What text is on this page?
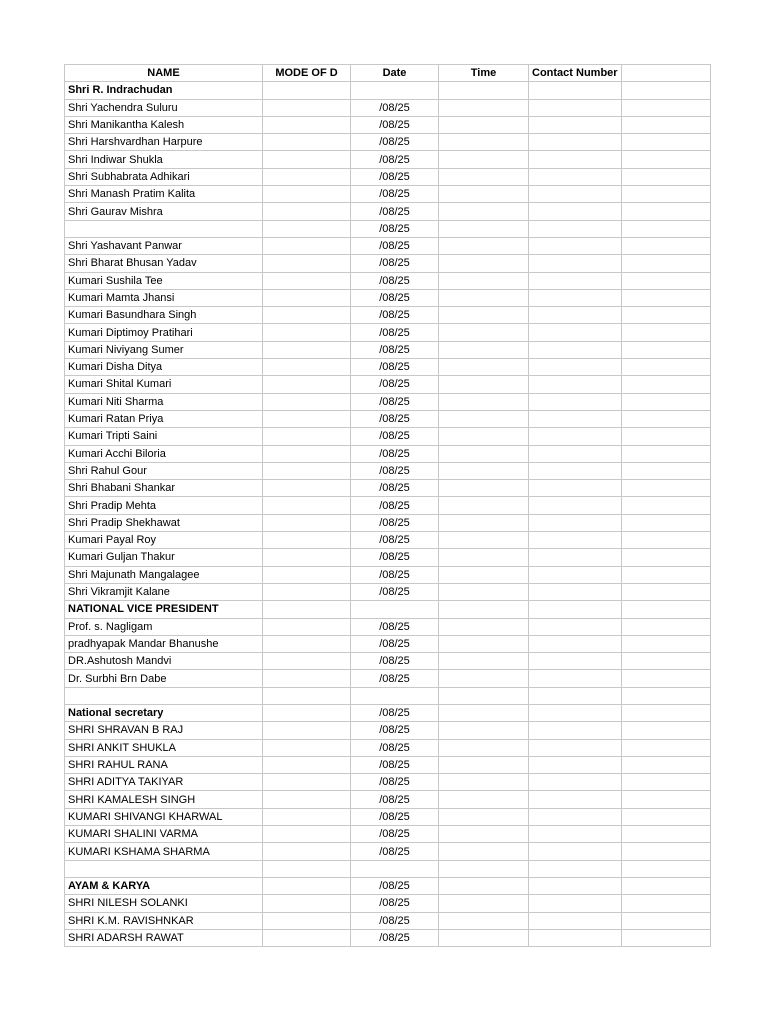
NAME	MODE OF D	Date	Time	Contact Number	
Shri R. Indrachudan					
Shri Yachendra Suluru		/08/25			
Shri Manikantha Kalesh		/08/25			
Shri Harshvardhan Harpure		/08/25			
Shri Indiwar Shukla		/08/25			
Shri Subhabrata Adhikari		/08/25			
Shri Manash Pratim Kalita		/08/25			
Shri Gaurav Mishra		/08/25			
		/08/25			
Shri Yashavant Panwar		/08/25			
Shri Bharat Bhusan Yadav		/08/25			
Kumari Sushila Tee		/08/25			
Kumari Mamta Jhansi		/08/25			
Kumari Basundhara Singh		/08/25			
Kumari Diptimoy Pratihari		/08/25			
Kumari Niviyang Sumer		/08/25			
Kumari Disha Ditya		/08/25			
Kumari Shital Kumari		/08/25			
Kumari Niti Sharma		/08/25			
Kumari Ratan Priya		/08/25			
Kumari Tripti Saini		/08/25			
Kumari Acchi Biloria		/08/25			
Shri Rahul Gour		/08/25			
Shri Bhabani Shankar		/08/25			
Shri Pradip Mehta		/08/25			
Shri Pradip Shekhawat		/08/25			
Kumari Payal Roy		/08/25			
Kumari Guljan Thakur		/08/25			
Shri Majunath Mangalagee		/08/25			
Shri Vikramjit Kalane		/08/25			
NATIONAL VICE PRESIDENT					
Prof. s. Nagligam		/08/25			
pradhyapak Mandar Bhanushe		/08/25			
DR.Ashutosh Mandvi		/08/25			
Dr. Surbhi Brn Dabe		/08/25			

National secretary		/08/25			
SHRI SHRAVAN B RAJ		/08/25			
SHRI ANKIT SHUKLA		/08/25			
SHRI RAHUL RANA		/08/25			
SHRI ADITYA TAKIYAR		/08/25			
SHRI KAMALESH SINGH		/08/25			
KUMARI SHIVANGI KHARWAL		/08/25			
KUMARI SHALINI VARMA		/08/25			
KUMARI KSHAMA SHARMA		/08/25			

AYAM & KARYA		/08/25			
SHRI NILESH SOLANKI		/08/25			
SHRI K.M. RAVISHNKAR		/08/25			
SHRI ADARSH RAWAT		/08/25			
